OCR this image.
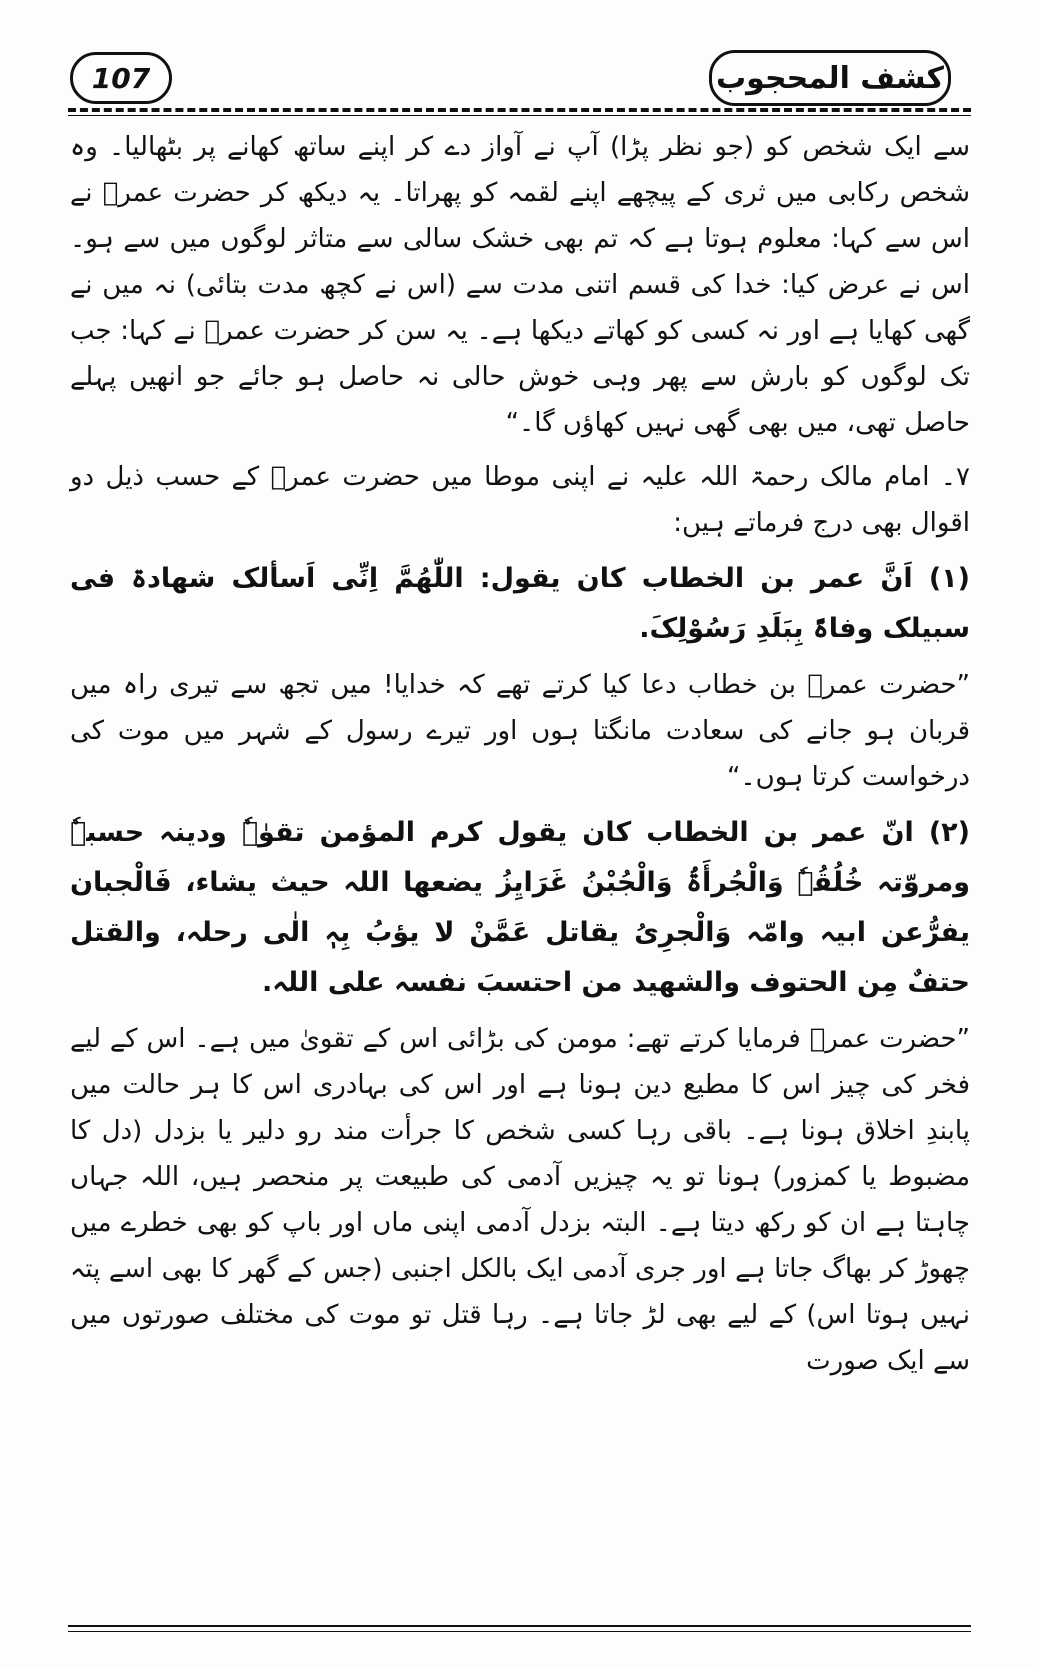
107	كشف المحجوب

سے ایک شخص کو (جو نظر پڑا) آپ نے آواز دے کر اپنے ساتھ کھانے پر بٹھالیا۔ وہ شخص رکابی میں ثری کے پیچھے اپنے لقمہ کو پھراتا۔ یہ دیکھ کر حضرت عمرؓ نے اس سے کہا: معلوم ہوتا ہے کہ تم بھی خشک سالی سے متاثر لوگوں میں سے ہو۔ اس نے عرض کیا: خدا کی قسم اتنی مدت سے (اس نے کچھ مدت بتائی) نہ میں نے گھی کھایا ہے اور نہ کسی کو کھاتے دیکھا ہے۔ یہ سن کر حضرت عمرؓ نے کہا: جب تک لوگوں کو بارش سے پھر وہی خوش حالی نہ حاصل ہو جائے جو انھیں پہلے حاصل تھی، میں بھی گھی نہیں کھاؤں گا۔“

۷۔ امام مالک رحمۃ اللہ علیہ نے اپنی موطا میں حضرت عمرؓ کے حسب ذیل دو اقوال بھی درج فرماتے ہیں:

(۱) اَنَّ عمر بن الخطاب کان یقول: اللّٰھُمَّ اِنِّی اَسألک شھادۃ فی سبیلک وفاۃً بِبَلَدِ رَسُوْلِکَ.

”حضرت عمرؓ بن خطاب دعا کیا کرتے تھے کہ خدایا! میں تجھ سے تیری راہ میں قربان ہو جانے کی سعادت مانگتا ہوں اور تیرے رسول کے شہر میں موت کی درخواست کرتا ہوں۔“

(۲) انّ عمر بن الخطاب کان یقول کرم المؤمن تقوٰہٗ ودینہ حسبہٗ ومروّتہ خُلُقُہٗ وَالْجُرأَۃُ وَالْجُبْنُ غَرَایِزُ یضعھا اللہ حیث یشاء، فَالْجبان یفرُّعن ابیہ وامّہ وَالْجرِیُ یقاتل عَمَّنْ لا یؤبُ بِہٖ الٰی رحلہ، والقتل حتفٌ مِن الحتوف والشھید من احتسبَ نفسہ علی اللہ.

”حضرت عمرؓ فرمایا کرتے تھے: مومن کی بڑائی اس کے تقویٰ میں ہے۔ اس کے لیے فخر کی چیز اس کا مطیع دین ہونا ہے اور اس کی بہادری اس کا ہر حالت میں پابندِ اخلاق ہونا ہے۔ باقی رہا کسی شخص کا جرأت مند رو دلیر یا بزدل (دل کا مضبوط یا کمزور) ہونا تو یہ چیزیں آدمی کی طبیعت پر منحصر ہیں، اللہ جہاں چاہتا ہے ان کو رکھ دیتا ہے۔ البتہ بزدل آدمی اپنی ماں اور باپ کو بھی خطرے میں چھوڑ کر بھاگ جاتا ہے اور جری آدمی ایک بالکل اجنبی (جس کے گھر کا بھی اسے پتہ نہیں ہوتا اس) کے لیے بھی لڑ جاتا ہے۔ رہا قتل تو موت کی مختلف صورتوں میں سے ایک صورت
